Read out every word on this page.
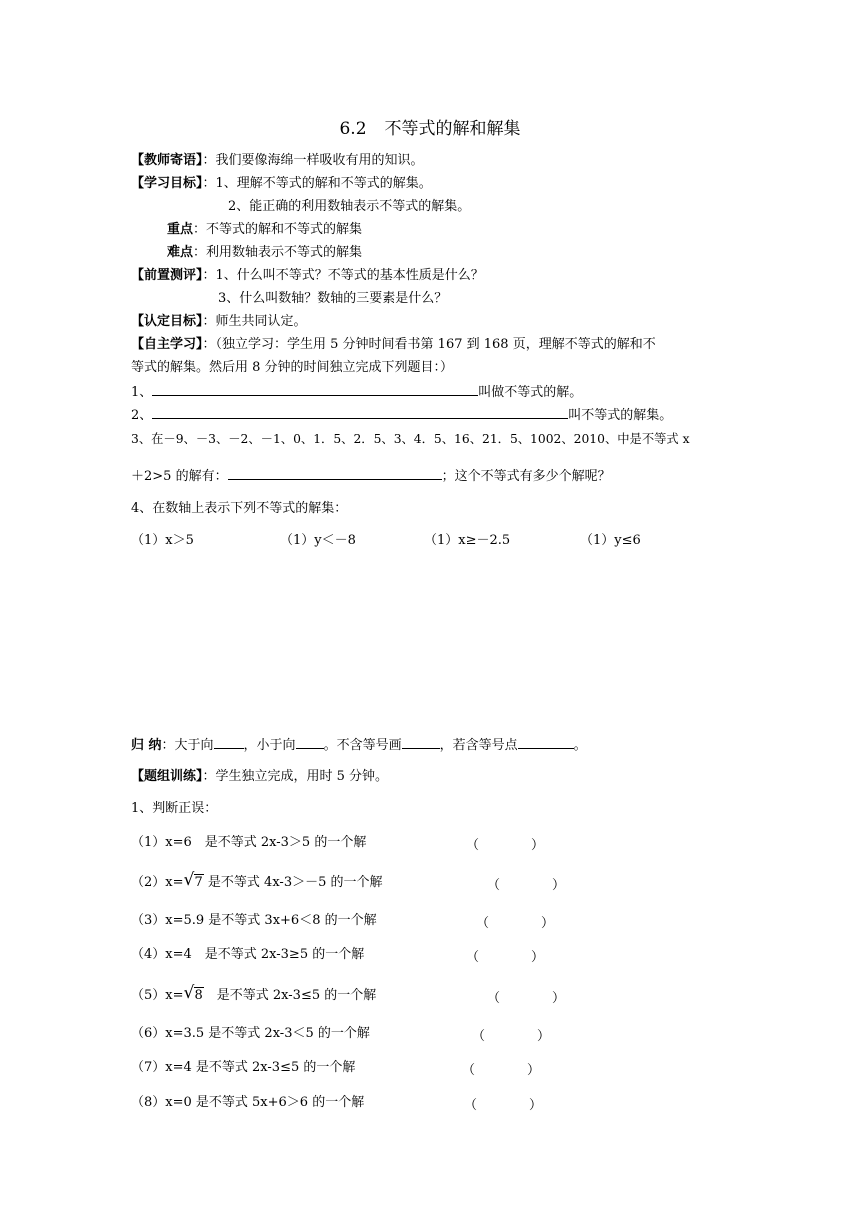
6.2 不等式的解和解集
【教师寄语】：我们要像海绵一样吸收有用的知识。
【学习目标】：1、理解不等式的解和不等式的解集。
2、能正确的利用数轴表示不等式的解集。
重点：不等式的解和不等式的解集
难点：利用数轴表示不等式的解集
【前置测评】：1、什么叫不等式？不等式的基本性质是什么？
3、什么叫数轴？数轴的三要素是什么？
【认定目标】：师生共同认定。
【自主学习】：（独立学习：学生用 5 分钟时间看书第 167 到 168 页，理解不等式的解和不
等式的解集。然后用 8 分钟的时间独立完成下列题目：）
1、	叫做不等式的解。
2、	叫不等式的解集。
3、在－9、－3、－2、－1、0、1．5、2．5、3、4．5、16、21．5、1002、2010、中是不等式 x
＋2>5 的解有：	；这个不等式有多少个解呢？
4、在数轴上表示下列不等式的解集：
（1）x＞5	（1）y＜－8	（1）x≥－2.5	（1）y≤6
归 纳：大于向 ，小于向 。不含等号画	，若含等号点	。
【题组训练】：学生独立完成，用时 5 分钟。
1、判断正误：
（1）x=6　是不等式 2x-3＞5 的一个解	（　　　　）
（2）x= √ 7 是不等式 4x-3＞－5 的一个解	（　　　　）
（3）x=5.9 是不等式 3x+6＜8 的一个解	（　　　　）
（4）x=4　是不等式 2x-3≥5 的一个解	（　　　　）
（5）x= √ 8　是不等式 2x-3≤5 的一个解	（　　　　）
（6）x=3.5 是不等式 2x-3＜5 的一个解	（　　　　）
（7）x=4 是不等式 2x-3≤5 的一个解	（　　　　）
（8）x=0 是不等式 5x+6＞6 的一个解	（　　　　）
